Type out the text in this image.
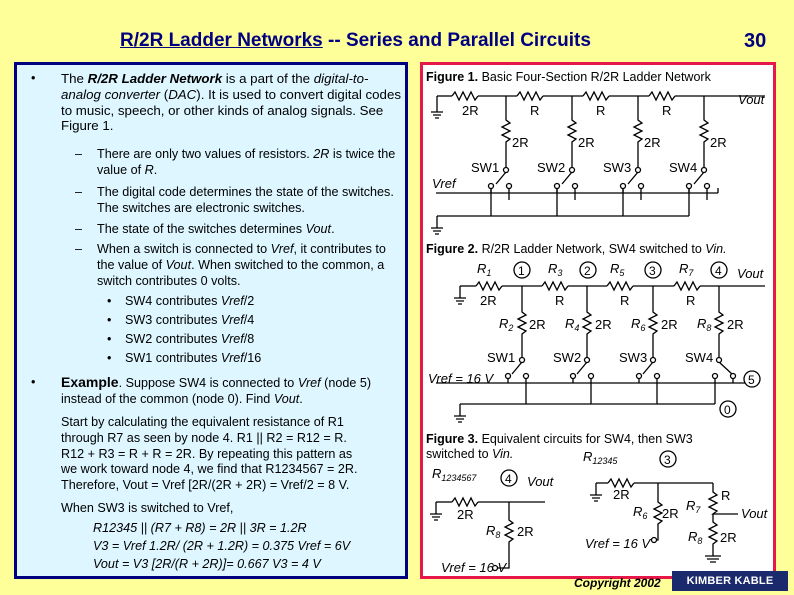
R/2R Ladder Networks -- Series and Parallel Circuits	30
• The R/2R Ladder Network is a part of the digital-to-analog converter (DAC). It is used to convert digital codes to music, speech, or other kinds of analog signals. See Figure 1.
– There are only two values of resistors. 2R is twice the value of R.
– The digital code determines the state of the switches. The switches are electronic switches.
– The state of the switches determines Vout.
– When a switch is connected to Vref, it contributes to the value of Vout. When switched to the common, a switch contributes 0 volts.
• SW4 contributes Vref/2
• SW3 contributes Vref/4
• SW2 contributes Vref/8
• SW1 contributes Vref/16
• Example. Suppose SW4 is connected to Vref (node 5) instead of the common (node 0). Find Vout.
Start by calculating the equivalent resistance of R1
through R7 as seen by node 4. R1 || R2 = R12 = R.
R12 + R3 = R + R = 2R. By repeating this pattern as
we work toward node 4, we find that R1234567 = 2R.
Therefore, Vout = Vref [2R/(2R + 2R) = Vref/2 = 8 V.
When SW3 is switched to Vref,
R12345 || (R7 + R8) = 2R || 3R = 1.2R
V3 = Vref 1.2R/ (2R + 1.2R) = 0.375 Vref = 6V
Vout = V3 [2R/(R + 2R)]= 0.667 V3 = 4 V
Figure 1. Basic Four-Section R/2R Ladder Network
Figure 2. R/2R Ladder Network, SW4 switched to Vin.
Figure 3. Equivalent circuits for SW4, then SW3
switched to Vin.
2R	R	R	R
2R	2R	2R	2R
SW1	SW2	SW3	SW4
Vref
Vout
$R_1$	$R_3$	$R_5$	$R_7$
1	2	3	4 Vout
2R	R	R	R
$R_2$	$R_4$	$R_6$	$R_8$
2R	2R	2R	2R
SW1	SW2	SW3	SW4
Vref = 16 V	5
0
$R_{1234567}$ 4 Vout
2R
$R_8$ 2R
Vref = 16 V
$R_{12345}$	3
2R
$R_6$ 2R
$R_7$
R
Vout
$R_8$ 2R
Vref = 16 V
Copyright 2002	KIMBER KABLE
